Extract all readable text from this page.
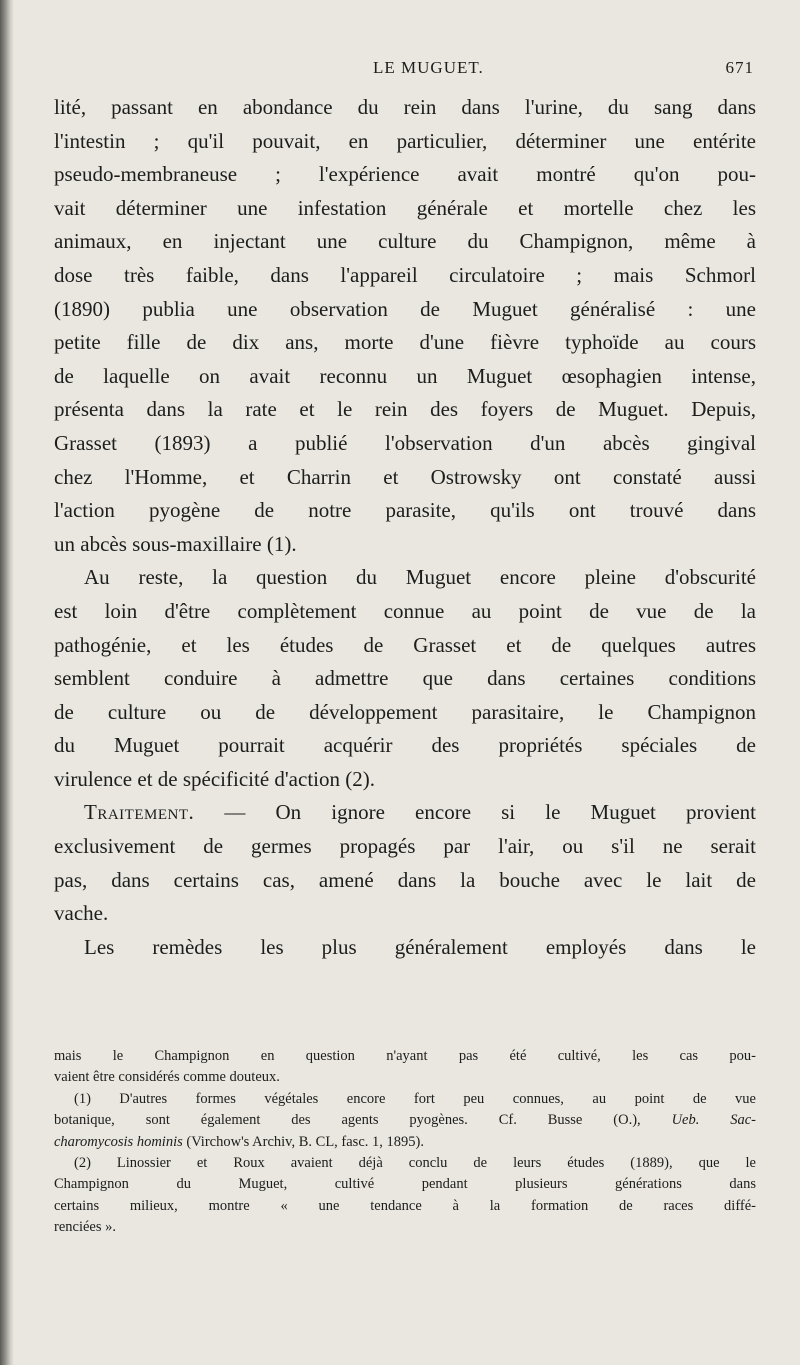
LE MUGUET.	671
lité, passant en abondance du rein dans l'urine, du sang dans
l'intestin ; qu'il pouvait, en particulier, déterminer une entérite
pseudo-membraneuse ; l'expérience avait montré qu'on pou-
vait déterminer une infestation générale et mortelle chez les
animaux, en injectant une culture du Champignon, même à
dose très faible, dans l'appareil circulatoire ; mais Schmorl
(1890) publia une observation de Muguet généralisé : une
petite fille de dix ans, morte d'une fièvre typhoïde au cours
de laquelle on avait reconnu un Muguet œsophagien intense,
présenta dans la rate et le rein des foyers de Muguet. Depuis,
Grasset (1893) a publié l'observation d'un abcès gingival
chez l'Homme, et Charrin et Ostrowsky ont constaté aussi
l'action pyogène de notre parasite, qu'ils ont trouvé dans
un abcès sous-maxillaire (1).
Au reste, la question du Muguet encore pleine d'obscurité
est loin d'être complètement connue au point de vue de la
pathogénie, et les études de Grasset et de quelques autres
semblent conduire à admettre que dans certaines conditions
de culture ou de développement parasitaire, le Champignon
du Muguet pourrait acquérir des propriétés spéciales de
virulence et de spécificité d'action (2).
Traitement. — On ignore encore si le Muguet provient
exclusivement de germes propagés par l'air, ou s'il ne serait
pas, dans certains cas, amené dans la bouche avec le lait de
vache.
Les remèdes les plus généralement employés dans le
mais le Champignon en question n'ayant pas été cultivé, les cas pou-
vaient être considérés comme douteux.
(1) D'autres formes végétales encore fort peu connues, au point de vue
botanique, sont également des agents pyogènes. Cf. Busse (O.), Ueb. Sac-
charomycosis hominis (Virchow's Archiv, B. CL, fasc. 1, 1895).
(2) Linossier et Roux avaient déjà conclu de leurs études (1889), que le
Champignon du Muguet, cultivé pendant plusieurs générations dans
certains milieux, montre « une tendance à la formation de races diffé-
renciées ».
